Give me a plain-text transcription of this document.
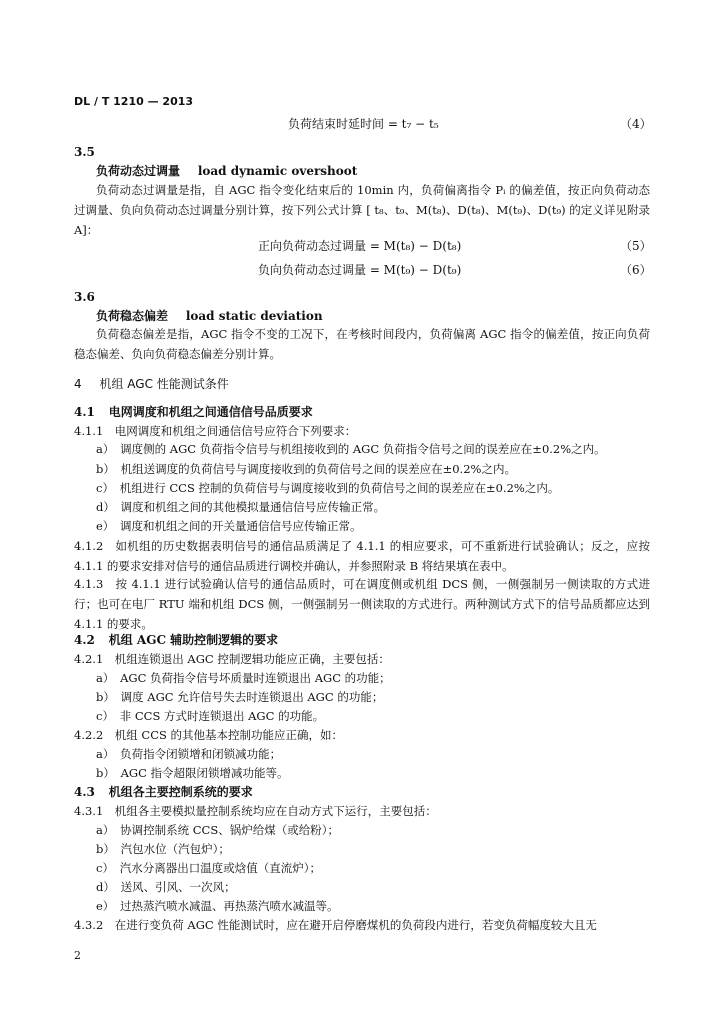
DL / T 1210 — 2013
负荷结束时延时间 = t₇ − t₅	（4）
3.5
负荷动态过调量 load dynamic overshoot
负荷动态过调量是指，自 AGC 指令变化结束后的 10min 内，负荷偏离指令 Pᵢ 的偏差值，按正向负荷动态过调量、负向负荷动态过调量分别计算，按下列公式计算 [ t₈、t₉、M(t₈)、D(t₈)、M(t₉)、D(t₉) 的定义详见附录 A]：
正向负荷动态过调量 = M(t₈) − D(t₈)	（5）
负向负荷动态过调量 = M(t₉) − D(t₉)	（6）
3.6
负荷稳态偏差 load static deviation
负荷稳态偏差是指，AGC 指令不变的工况下，在考核时间段内，负荷偏离 AGC 指令的偏差值，按正向负荷稳态偏差、负向负荷稳态偏差分别计算。
4 机组 AGC 性能测试条件
4.1 电网调度和机组之间通信信号品质要求
4.1.1　电网调度和机组之间通信信号应符合下列要求：
a）　调度侧的 AGC 负荷指令信号与机组接收到的 AGC 负荷指令信号之间的误差应在±0.2%之内。
b）　机组送调度的负荷信号与调度接收到的负荷信号之间的误差应在±0.2%之内。
c）　机组进行 CCS 控制的负荷信号与调度接收到的负荷信号之间的误差应在±0.2%之内。
d）　调度和机组之间的其他模拟量通信信号应传输正常。
e）　调度和机组之间的开关量通信信号应传输正常。
4.1.2　如机组的历史数据表明信号的通信品质满足了 4.1.1 的相应要求，可不重新进行试验确认；反之，应按 4.1.1 的要求安排对信号的通信品质进行调校并确认，并参照附录 B 将结果填在表中。
4.1.3　按 4.1.1 进行试验确认信号的通信品质时，可在调度侧或机组 DCS 侧，一侧强制另一侧读取的方式进行；也可在电厂 RTU 端和机组 DCS 侧，一侧强制另一侧读取的方式进行。两种测试方式下的信号品质都应达到 4.1.1 的要求。
4.2 机组 AGC 辅助控制逻辑的要求
4.2.1　机组连锁退出 AGC 控制逻辑功能应正确，主要包括：
a）　AGC 负荷指令信号坏质量时连锁退出 AGC 的功能；
b）　调度 AGC 允许信号失去时连锁退出 AGC 的功能；
c）　非 CCS 方式时连锁退出 AGC 的功能。
4.2.2　机组 CCS 的其他基本控制功能应正确，如：
a）　负荷指令闭锁增和闭锁减功能；
b）　AGC 指令超限闭锁增减功能等。
4.3 机组各主要控制系统的要求
4.3.1　机组各主要模拟量控制系统均应在自动方式下运行，主要包括：
a）　协调控制系统 CCS、锅炉给煤（或给粉）；
b）　汽包水位（汽包炉）；
c）　汽水分离器出口温度或焓值（直流炉）；
d）　送风、引风、一次风；
e）　过热蒸汽喷水减温、再热蒸汽喷水减温等。
4.3.2　在进行变负荷 AGC 性能测试时，应在避开启停磨煤机的负荷段内进行，若变负荷幅度较大且无
2
